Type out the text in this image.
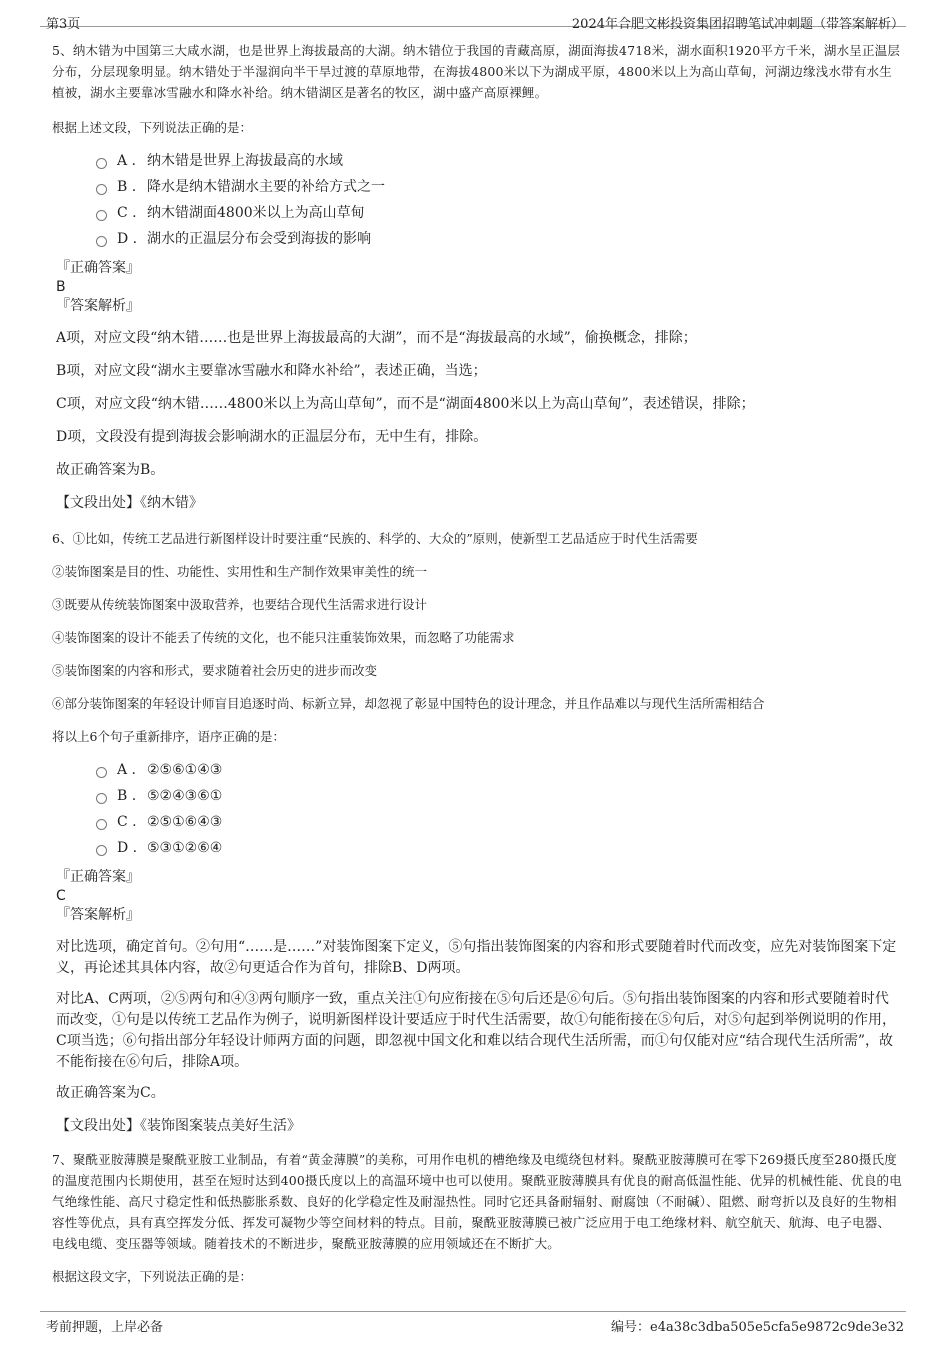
第3页	2024年合肥文彬投资集团招聘笔试冲刺题（带答案解析）

5、纳木错为中国第三大咸水湖，也是世界上海拔最高的大湖。纳木错位于我国的青藏高原，湖面海拔4718米，湖水面积1920平方千米，湖水呈正温层分布，分层现象明显。纳木错处于半湿润向半干旱过渡的草原地带，在海拔4800米以下为湖成平原，4800米以上为高山草甸，河湖边缘浅水带有水生植被，湖水主要靠冰雪融水和降水补给。纳木错湖区是著名的牧区，湖中盛产高原裸鲤。

根据上述文段，下列说法正确的是：

A . 纳木错是世界上海拔最高的水域
B . 降水是纳木错湖水主要的补给方式之一
C . 纳木错湖面4800米以上为高山草甸
D . 湖水的正温层分布会受到海拔的影响

『正确答案』

B

『答案解析』

A项，对应文段“纳木错……也是世界上海拔最高的大湖”，而不是“海拔最高的水域”，偷换概念，排除；

B项，对应文段“湖水主要靠冰雪融水和降水补给”，表述正确，当选；

C项，对应文段“纳木错……4800米以上为高山草甸”，而不是“湖面4800米以上为高山草甸”，表述错误，排除；

D项，文段没有提到海拔会影响湖水的正温层分布，无中生有，排除。

故正确答案为B。

【文段出处】《纳木错》

6、①比如，传统工艺品进行新图样设计时要注重“民族的、科学的、大众的”原则，使新型工艺品适应于时代生活需要

②装饰图案是目的性、功能性、实用性和生产制作效果审美性的统一

③既要从传统装饰图案中汲取营养，也要结合现代生活需求进行设计

④装饰图案的设计不能丢了传统的文化，也不能只注重装饰效果，而忽略了功能需求

⑤装饰图案的内容和形式，要求随着社会历史的进步而改变

⑥部分装饰图案的年轻设计师盲目追逐时尚、标新立异，却忽视了彰显中国特色的设计理念，并且作品难以与现代生活所需相结合

将以上6个句子重新排序，语序正确的是：

A . ②⑤⑥①④③
B . ⑤②④③⑥①
C . ②⑤①⑥④③
D . ⑤③①②⑥④

『正确答案』

C

『答案解析』

对比选项，确定首句。②句用“……是……”对装饰图案下定义，⑤句指出装饰图案的内容和形式要随着时代而改变，应先对装饰图案下定义，再论述其具体内容，故②句更适合作为首句，排除B、D两项。

对比A、C两项，②⑤两句和④③两句顺序一致，重点关注①句应衔接在⑤句后还是⑥句后。⑤句指出装饰图案的内容和形式要随着时代而改变，①句是以传统工艺品作为例子，说明新图样设计要适应于时代生活需要，故①句能衔接在⑤句后，对⑤句起到举例说明的作用，C项当选；⑥句指出部分年轻设计师两方面的问题，即忽视中国文化和难以结合现代生活所需，而①句仅能对应“结合现代生活所需”，故不能衔接在⑥句后，排除A项。

故正确答案为C。

【文段出处】《装饰图案装点美好生活》

7、聚酰亚胺薄膜是聚酰亚胺工业制品，有着“黄金薄膜”的美称，可用作电机的槽绝缘及电缆绕包材料。聚酰亚胺薄膜可在零下269摄氏度至280摄氏度的温度范围内长期使用，甚至在短时达到400摄氏度以上的高温环境中也可以使用。聚酰亚胺薄膜具有优良的耐高低温性能、优异的机械性能、优良的电气绝缘性能、高尺寸稳定性和低热膨胀系数、良好的化学稳定性及耐湿热性。同时它还具备耐辐射、耐腐蚀（不耐碱）、阻燃、耐弯折以及良好的生物相容性等优点，具有真空挥发分低、挥发可凝物少等空间材料的特点。目前，聚酰亚胺薄膜已被广泛应用于电工绝缘材料、航空航天、航海、电子电器、电线电缆、变压器等领域。随着技术的不断进步，聚酰亚胺薄膜的应用领域还在不断扩大。

根据这段文字，下列说法正确的是：

考前押题，上岸必备	编号：e4a38c3dba505e5cfa5e9872c9de3e32
